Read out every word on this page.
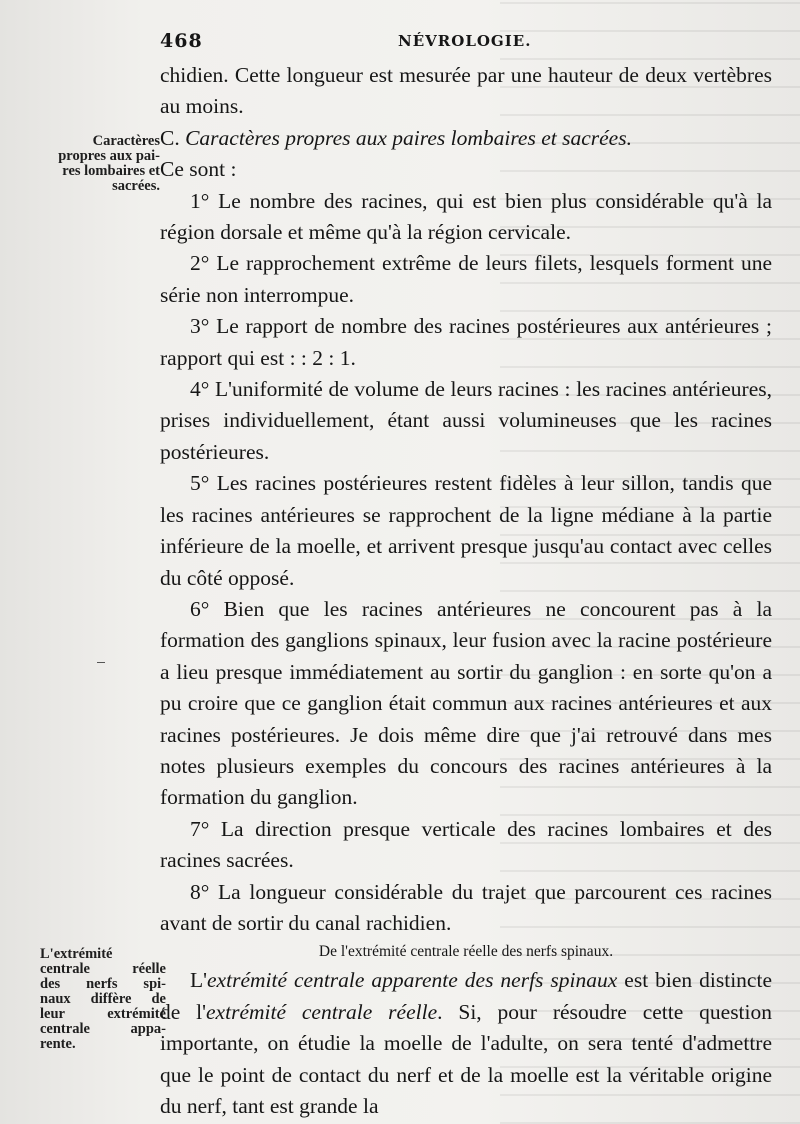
468	NÉVROLOGIE.
Caractères
propres aux pai-
res lombaires et
sacrées.
L'extrémité
centrale réelle
des nerfs spi-
naux diffère de
leur extrémité
centrale appa-
rente.

chidien. Cette longueur est mesurée par une hauteur de deux vertèbres au moins.

C. Caractères propres aux paires lombaires et sacrées.

Ce sont :

1° Le nombre des racines, qui est bien plus considérable qu'à la région dorsale et même qu'à la région cervicale.

2° Le rapprochement extrême de leurs filets, lesquels forment une série non interrompue.

3° Le rapport de nombre des racines postérieures aux antérieures ; rapport qui est : : 2 : 1.

4° L'uniformité de volume de leurs racines : les racines antérieures, prises individuellement, étant aussi volumineuses que les racines postérieures.

5° Les racines postérieures restent fidèles à leur sillon, tandis que les racines antérieures se rapprochent de la ligne médiane à la partie inférieure de la moelle, et arrivent presque jusqu'au contact avec celles du côté opposé.

6° Bien que les racines antérieures ne concourent pas à la formation des ganglions spinaux, leur fusion avec la racine postérieure a lieu presque immédiatement au sortir du ganglion : en sorte qu'on a pu croire que ce ganglion était commun aux racines antérieures et aux racines postérieures. Je dois même dire que j'ai retrouvé dans mes notes plusieurs exemples du concours des racines antérieures à la formation du ganglion.

7° La direction presque verticale des racines lombaires et des racines sacrées.

8° La longueur considérable du trajet que parcourent ces racines avant de sortir du canal rachidien.

De l'extrémité centrale réelle des nerfs spinaux.

L'extrémité centrale apparente des nerfs spinaux est bien distincte de l'extrémité centrale réelle. Si, pour résoudre cette question importante, on étudie la moelle de l'adulte, on sera tenté d'admettre que le point de contact du nerf et de la moelle est la véritable origine du nerf, tant est grande la
